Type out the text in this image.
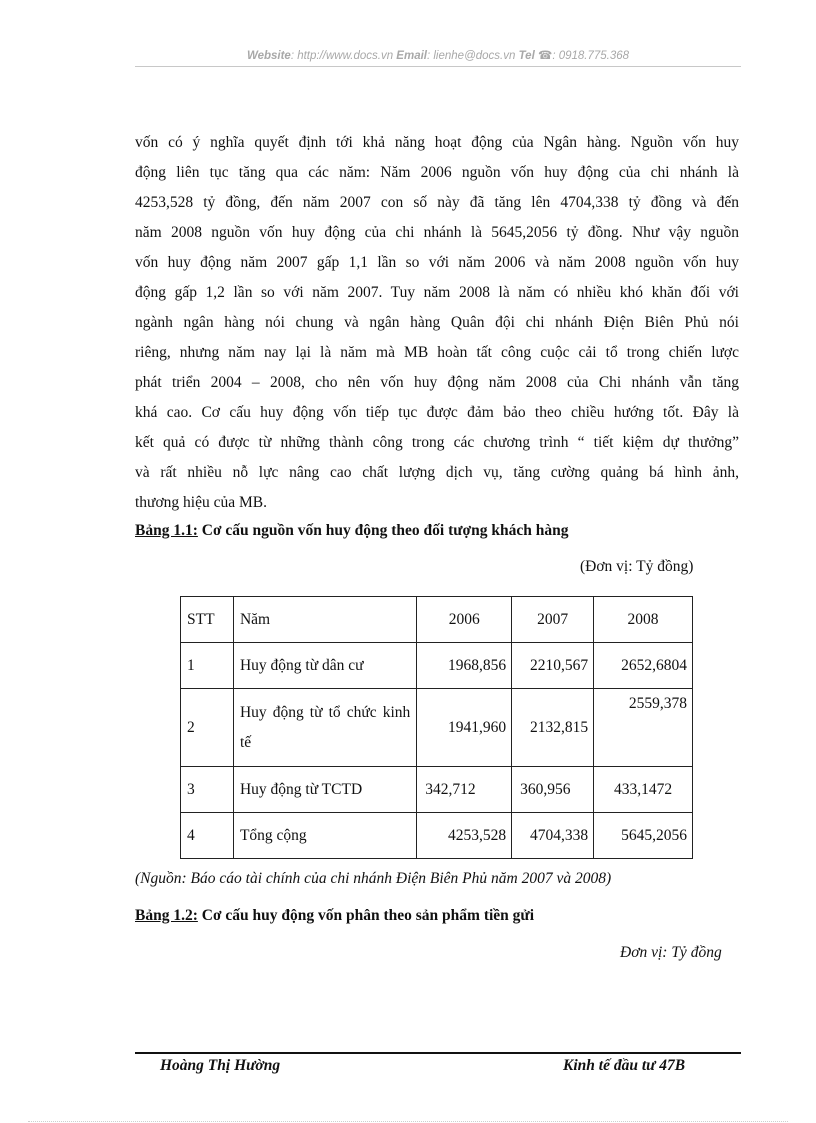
Website: http://www.docs.vn Email: lienhe@docs.vn Tel ☎: 0918.775.368
vốn có ý nghĩa quyết định tới khả năng hoạt động của Ngân hàng. Nguồn vốn huy
động liên tục tăng qua các năm: Năm 2006 nguồn vốn huy động của chi nhánh là
4253,528 tỷ đồng, đến năm 2007 con số này đã tăng lên 4704,338 tỷ đồng và đến
năm 2008 nguồn vốn huy động của chi nhánh là 5645,2056 tỷ đồng. Như vậy nguồn
vốn huy động năm 2007 gấp 1,1 lần so với năm 2006 và năm 2008 nguồn vốn huy
động gấp 1,2 lần so với năm 2007. Tuy năm 2008 là năm có nhiều khó khăn đối với
ngành ngân hàng nói chung và ngân hàng Quân đội chi nhánh Điện Biên Phủ nói
riêng, nhưng năm nay lại là năm mà MB hoàn tất công cuộc cải tổ trong chiến lược
phát triển 2004 – 2008, cho nên vốn huy động năm 2008 của Chi nhánh vẫn tăng
khá cao. Cơ cấu huy động vốn tiếp tục được đảm bảo theo chiều hướng tốt. Đây là
kết quả có được từ những thành công trong các chương trình “ tiết kiệm dự thưởng”
và rất nhiều nỗ lực nâng cao chất lượng dịch vụ, tăng cường quảng bá hình ảnh,
thương hiệu của MB.
Bảng 1.1: Cơ cấu nguồn vốn huy động theo đối tượng khách hàng
(Đơn vị: Tỷ đồng)
STT	Năm	2006	2007	2008
1	Huy động từ dân cư	1968,856	2210,567	2652,6804
2	Huy động từ tổ chức kinh tế	1941,960	2132,815	2559,378
3	Huy động từ TCTD	342,712	360,956	433,1472
4	Tổng cộng	4253,528	4704,338	5645,2056
(Nguồn: Báo cáo tài chính của chi nhánh Điện Biên Phủ năm 2007 và 2008)
Bảng 1.2: Cơ cấu huy động vốn phân theo sản phẩm tiền gửi
Đơn vị: Tỷ đồng
Hoàng Thị Hường	Kinh tế đầu tư 47B
